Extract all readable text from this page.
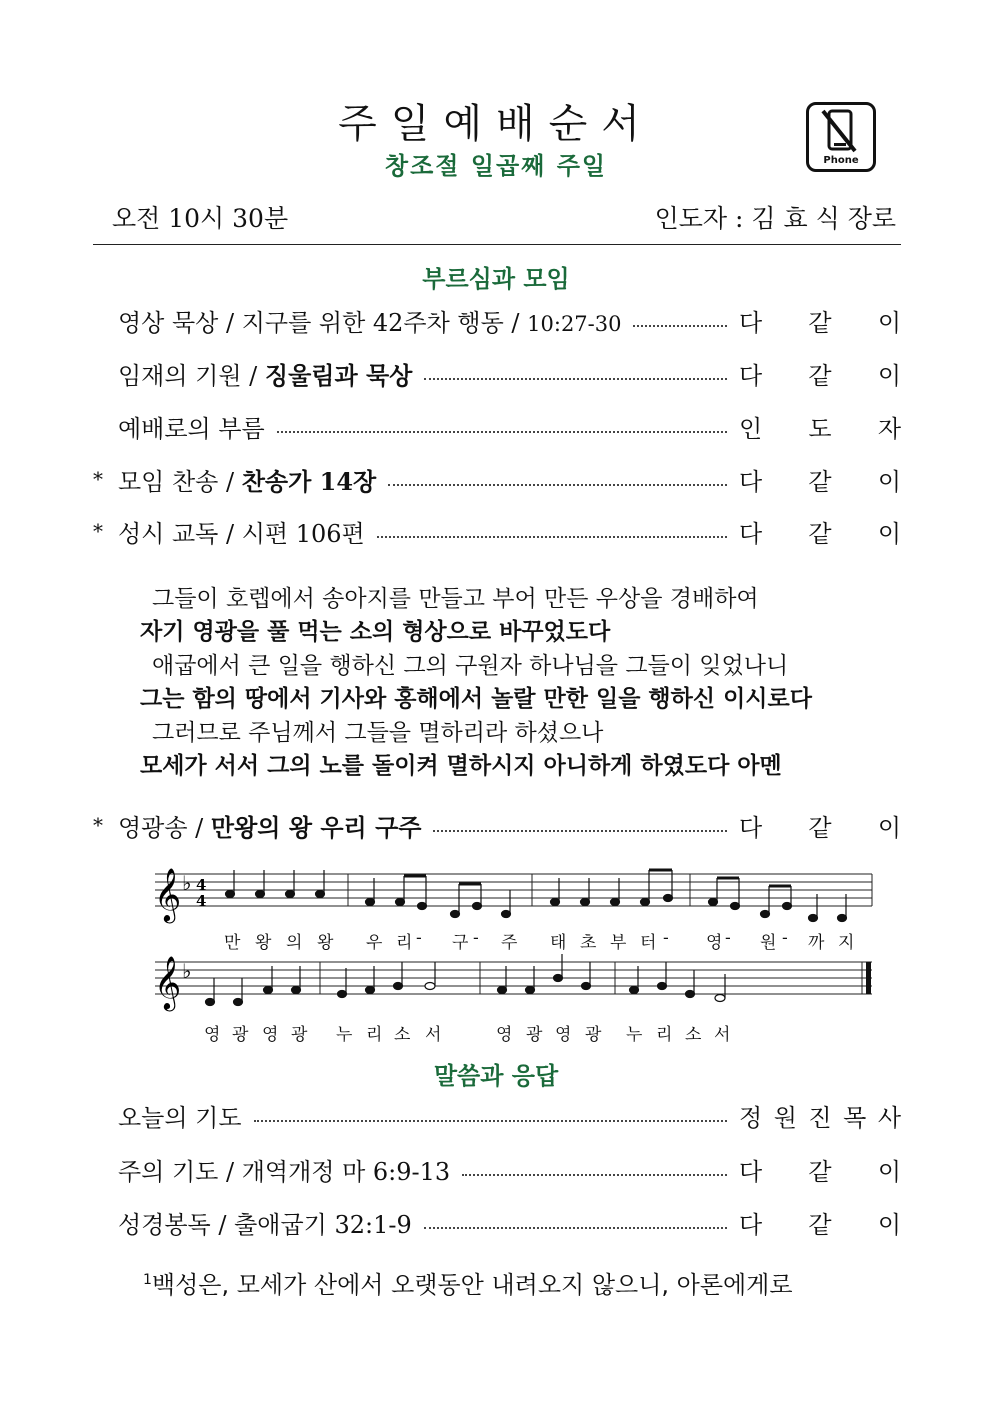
주일예배순서
창조절 일곱째 주일	Phone
오전 10시 30분	인도자 : 김 효 식 장로
부르심과 모임
영상 묵상 / 지구를 위한 42주차 행동 / 10:27-30	다 같 이
임재의 기원 / 징울림과 묵상	다 같 이
예배로의 부름	인 도 자
* 모임 찬송 / 찬송가 14장	다 같 이
* 성시 교독 / 시편 106편	다 같 이
그들이 호렙에서 송아지를 만들고 부어 만든 우상을 경배하여
자기 영광을 풀 먹는 소의 형상으로 바꾸었도다
애굽에서 큰 일을 행하신 그의 구원자 하나님을 그들이 잊었나니
그는 함의 땅에서 기사와 홍해에서 놀랄 만한 일을 행하신 이시로다
그러므로 주님께서 그들을 멸하리라 하셨으나
모세가 서서 그의 노를 돌이켜 멸하시지 아니하게 하였도다 아멘
* 영광송 / 만왕의 왕 우리 구주	다 같 이
𝄞
𝄞
♭
♭
4
4
만 왕 의 왕 우 리 - 구 - 주 태 초 부 터 - 영 - 원 - 까 지
영 광 영 광 누 리 소 서	영 광 영 광 누 리 소 서
말씀과 응답
오늘의 기도	정 원 진 목 사
주의 기도 / 개역개정 마 6:9-13	다 같 이
성경봉독 / 출애굽기 32:1-9	다 같 이
$^1$백성은, 모세가 산에서 오랫동안 내려오지 않으니, 아론에게로
